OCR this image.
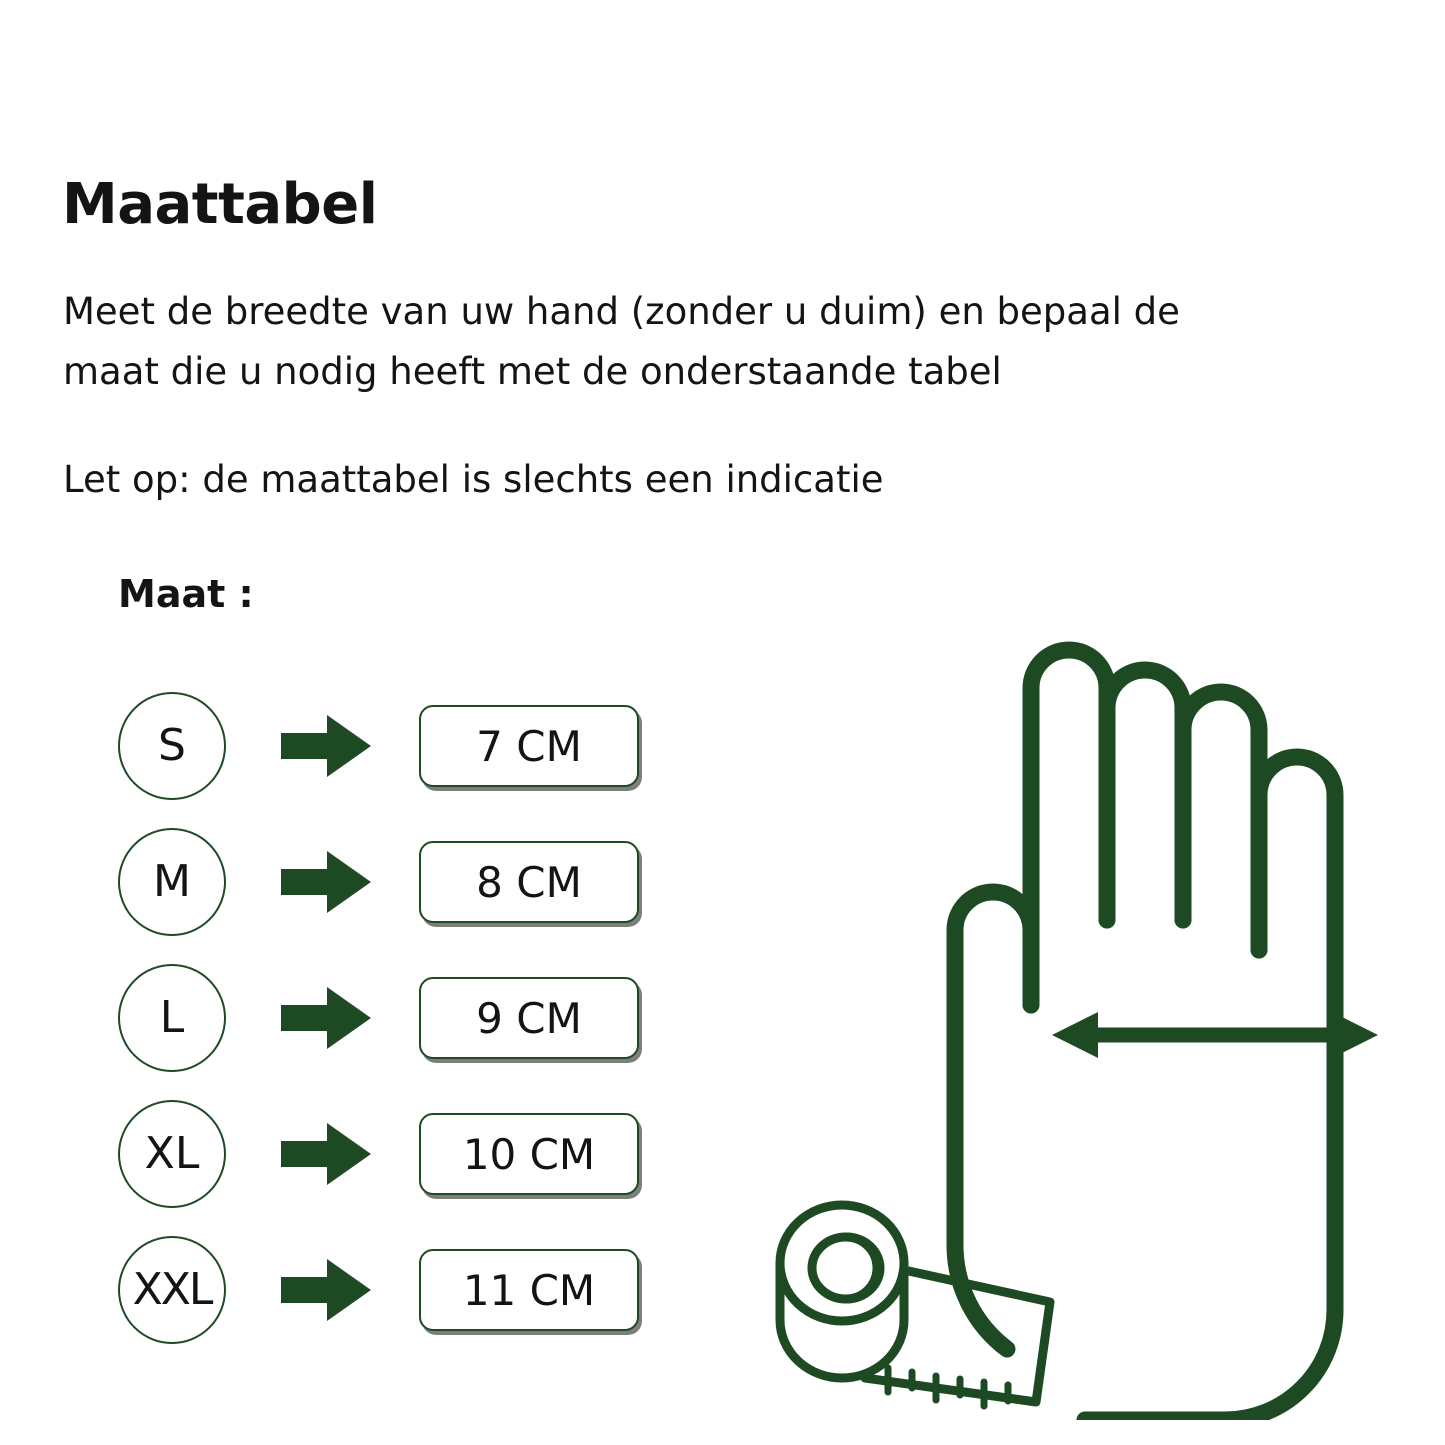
Maattabel
Meet de breedte van uw hand (zonder u duim) en bepaal de maat die u nodig heeft met de onderstaande tabel
Let op: de maattabel is slechts een indicatie
Maat :
S	7 CM
M	8 CM
L	9 CM
XL	10 CM
XXL	11 CM
